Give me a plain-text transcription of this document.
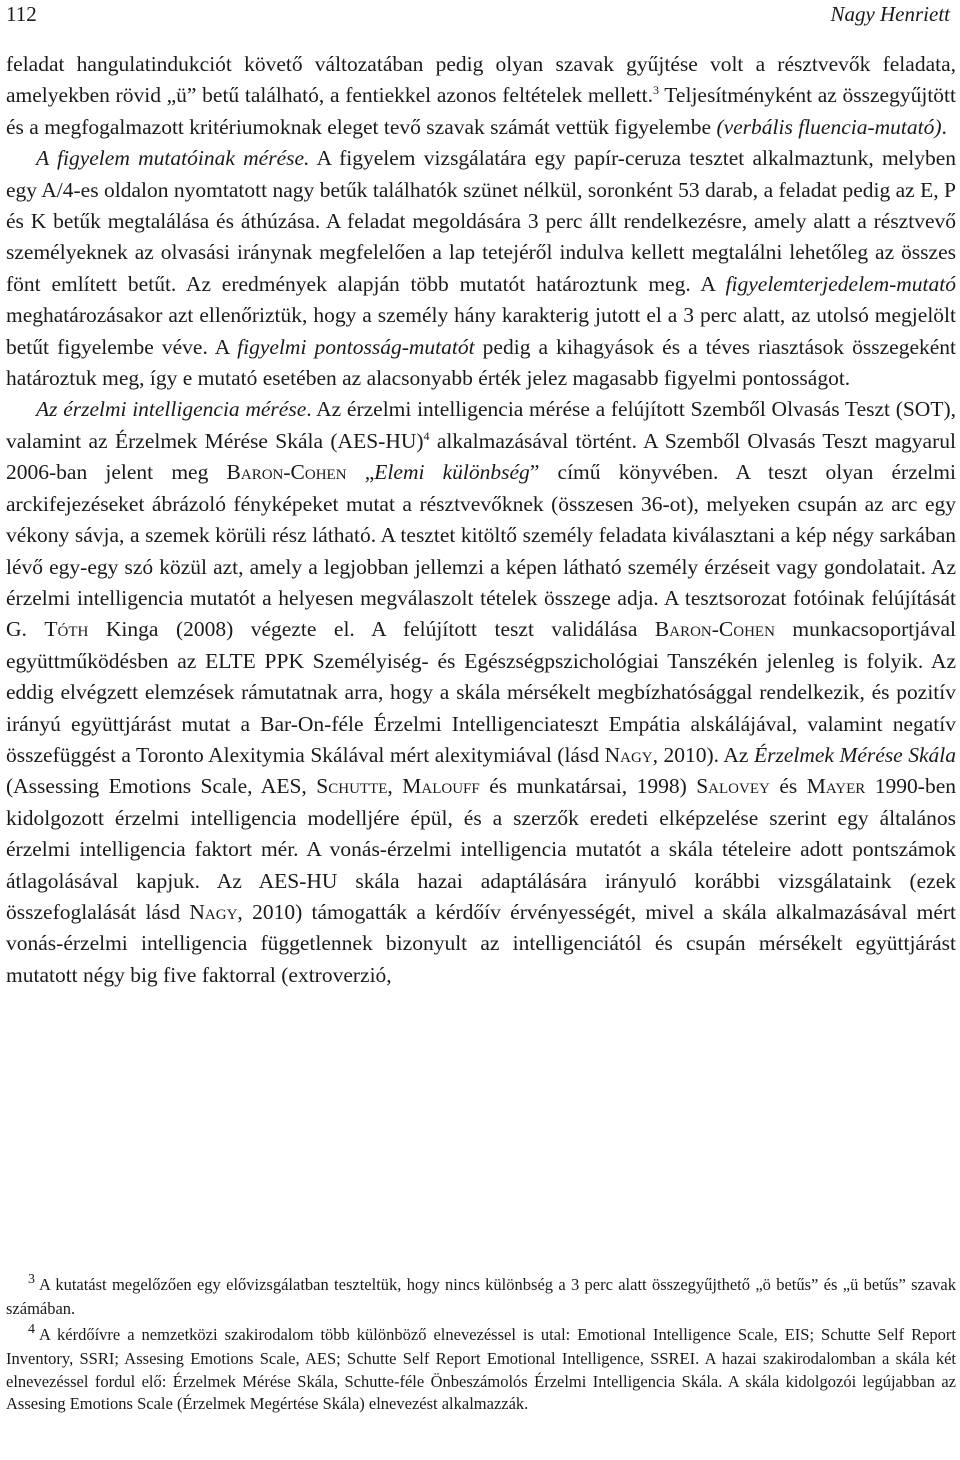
112	Nagy Henriett

feladat hangulatindukciót követő változatában pedig olyan szavak gyűjtése volt a résztvevők feladata, amelyekben rövid „ü” betű található, a fentiekkel azonos feltételek mellett.$^3$ Teljesítményként az összegyűjtött és a megfogalmazott kritériumoknak eleget tevő szavak számát vettük figyelembe (verbális fluencia-mutató).

A figyelem mutatóinak mérése. A figyelem vizsgálatára egy papír-ceruza tesztet alkalmaztunk, melyben egy A/4-es oldalon nyomtatott nagy betűk találhatók szünet nélkül, soronként 53 darab, a feladat pedig az E, P és K betűk megtalálása és áthúzása. A feladat megoldására 3 perc állt rendelkezésre, amely alatt a résztvevő személyeknek az olvasási iránynak megfelelően a lap tetejéről indulva kellett megtalálni lehetőleg az összes fönt említett betűt. Az eredmények alapján több mutatót határoztunk meg. A figyelemterjedelem-mutató meghatározásakor azt ellenőriztük, hogy a személy hány karakterig jutott el a 3 perc alatt, az utolsó megjelölt betűt figyelembe véve. A figyelmi pontosság-mutatót pedig a kihagyások és a téves riasztások összegeként határoztuk meg, így e mutató esetében az alacsonyabb érték jelez magasabb figyelmi pontosságot.

Az érzelmi intelligencia mérése. Az érzelmi intelligencia mérése a felújított Szemből Olvasás Teszt (SOT), valamint az Érzelmek Mérése Skála (AES-HU)$^4$ alkalmazásával történt. A Szemből Olvasás Teszt magyarul 2006-ban jelent meg Baron-Cohen „Elemi különbség” című könyvében. A teszt olyan érzelmi arckifejezéseket ábrázoló fényképeket mutat a résztvevőknek (összesen 36-ot), melyeken csupán az arc egy vékony sávja, a szemek körüli rész látható. A tesztet kitöltő személy feladata kiválasztani a kép négy sarkában lévő egy-egy szó közül azt, amely a legjobban jellemzi a képen látható személy érzéseit vagy gondolatait. Az érzelmi intelligencia mutatót a helyesen megválaszolt tételek összege adja. A tesztsorozat fotóinak felújítását G. Tóth Kinga (2008) végezte el. A felújított teszt validálása Baron-Cohen munkacsoportjával együttműködésben az ELTE PPK Személyiség- és Egészségpszichológiai Tanszékén jelenleg is folyik. Az eddig elvégzett elemzések rámutatnak arra, hogy a skála mérsékelt megbízhatósággal rendelkezik, és pozitív irányú együttjárást mutat a Bar-On-féle Érzelmi Intelligenciateszt Empátia alskálájával, valamint negatív összefüggést a Toronto Alexitymia Skálával mért alexitymiával (lásd Nagy, 2010). Az Érzelmek Mérése Skála (Assessing Emotions Scale, AES, Schutte, Malouff és munkatársai, 1998) Salovey és Mayer 1990-ben kidolgozott érzelmi intelligencia modelljére épül, és a szerzők eredeti elképzelése szerint egy általános érzelmi intelligencia faktort mér. A vonás-érzelmi intelligencia mutatót a skála tételeire adott pontszámok átlagolásával kapjuk. Az AES-HU skála hazai adaptálására irányuló korábbi vizsgálataink (ezek összefoglalását lásd Nagy, 2010) támogatták a kérdőív érvényességét, mivel a skála alkalmazásával mért vonás-érzelmi intelligencia függetlennek bizonyult az intelligenciától és csupán mérsékelt együttjárást mutatott négy big five faktorral (extroverzió,

$^3$ A kutatást megelőzően egy elővizsgálatban teszteltük, hogy nincs különbség a 3 perc alatt összegyűjthető „ö betűs” és „ü betűs” szavak számában.

$^4$ A kérdőívre a nemzetközi szakirodalom több különböző elnevezéssel is utal: Emotional Intelligence Scale, EIS; Schutte Self Report Inventory, SSRI; Assesing Emotions Scale, AES; Schutte Self Report Emotional Intelligence, SSREI. A hazai szakirodalomban a skála két elnevezéssel fordul elő: Érzelmek Mérése Skála, Schutte-féle Önbeszámolós Érzelmi Intelligencia Skála. A skála kidolgozói legújabban az Assesing Emotions Scale (Érzelmek Megértése Skála) elnevezést alkalmazzák.
